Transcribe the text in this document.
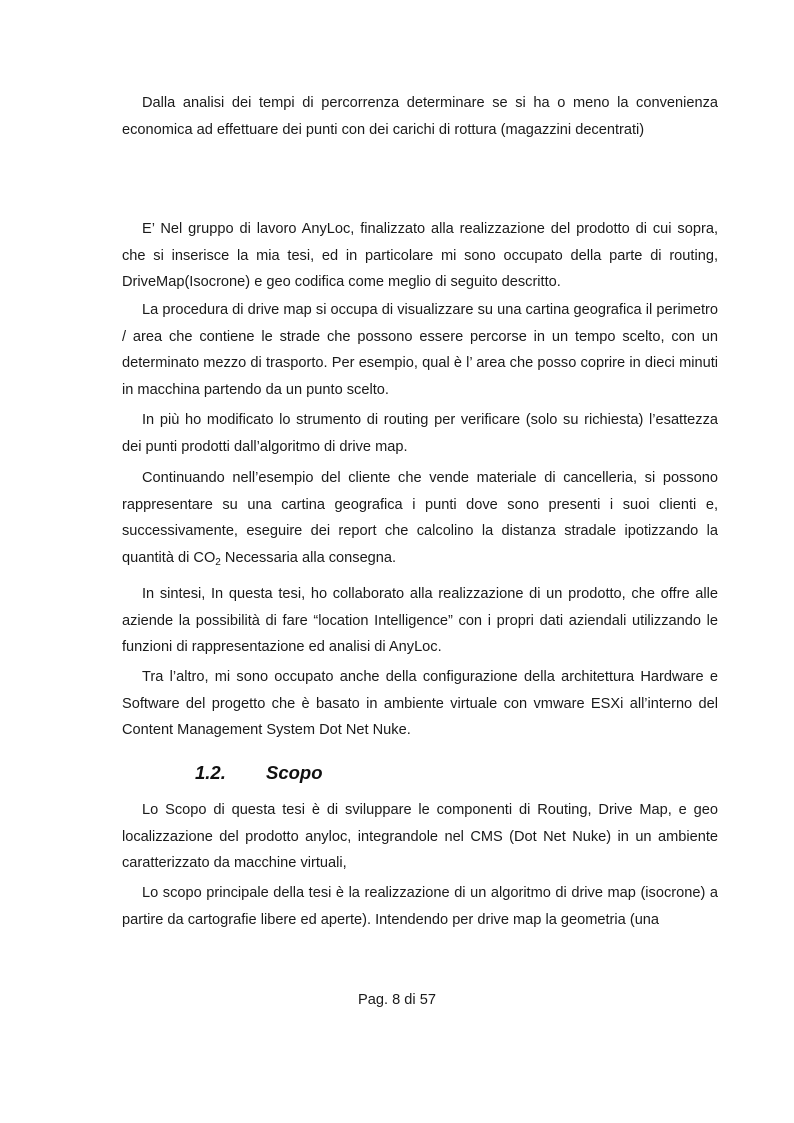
Dalla analisi dei tempi di percorrenza determinare se si ha o meno la convenienza economica ad effettuare dei punti con dei carichi di rottura (magazzini decentrati)

E’ Nel gruppo di lavoro AnyLoc, finalizzato alla realizzazione del prodotto di cui sopra, che si inserisce la mia tesi, ed in particolare mi sono occupato della parte di routing, DriveMap(Isocrone) e geo codifica come meglio di seguito descritto.

La procedura di drive map si occupa di visualizzare su una cartina geografica il perimetro / area che contiene le strade che possono essere percorse in un tempo scelto, con un determinato mezzo di trasporto. Per esempio, qual è l’ area che posso coprire in dieci minuti in macchina partendo da un punto scelto.

In più ho modificato lo strumento di routing per verificare (solo su richiesta) l’esattezza dei punti prodotti dall’algoritmo di drive map.

Continuando nell’esempio del cliente che vende materiale di cancelleria, si possono rappresentare su una cartina geografica i punti dove sono presenti i suoi clienti e, successivamente, eseguire dei report che calcolino la distanza stradale ipotizzando la quantità di $CO_2$ Necessaria alla consegna.

In sintesi, In questa tesi, ho collaborato alla realizzazione di un prodotto, che offre alle aziende la possibilità di fare “location Intelligence” con i propri dati aziendali utilizzando le funzioni di rappresentazione ed analisi di AnyLoc.

Tra l’altro, mi sono occupato anche della configurazione della architettura Hardware e Software del progetto che è basato in ambiente virtuale con vmware ESXi all’interno del Content Management System Dot Net Nuke.

1.2. Scopo

Lo Scopo di questa tesi è di sviluppare le componenti di Routing, Drive Map, e geo localizzazione del prodotto anyloc, integrandole nel CMS (Dot Net Nuke) in un ambiente caratterizzato da macchine virtuali,

Lo scopo principale della tesi è la realizzazione di un algoritmo di drive map (isocrone) a partire da cartografie libere ed aperte). Intendendo per drive map la geometria (una

Pag. 8 di 57
